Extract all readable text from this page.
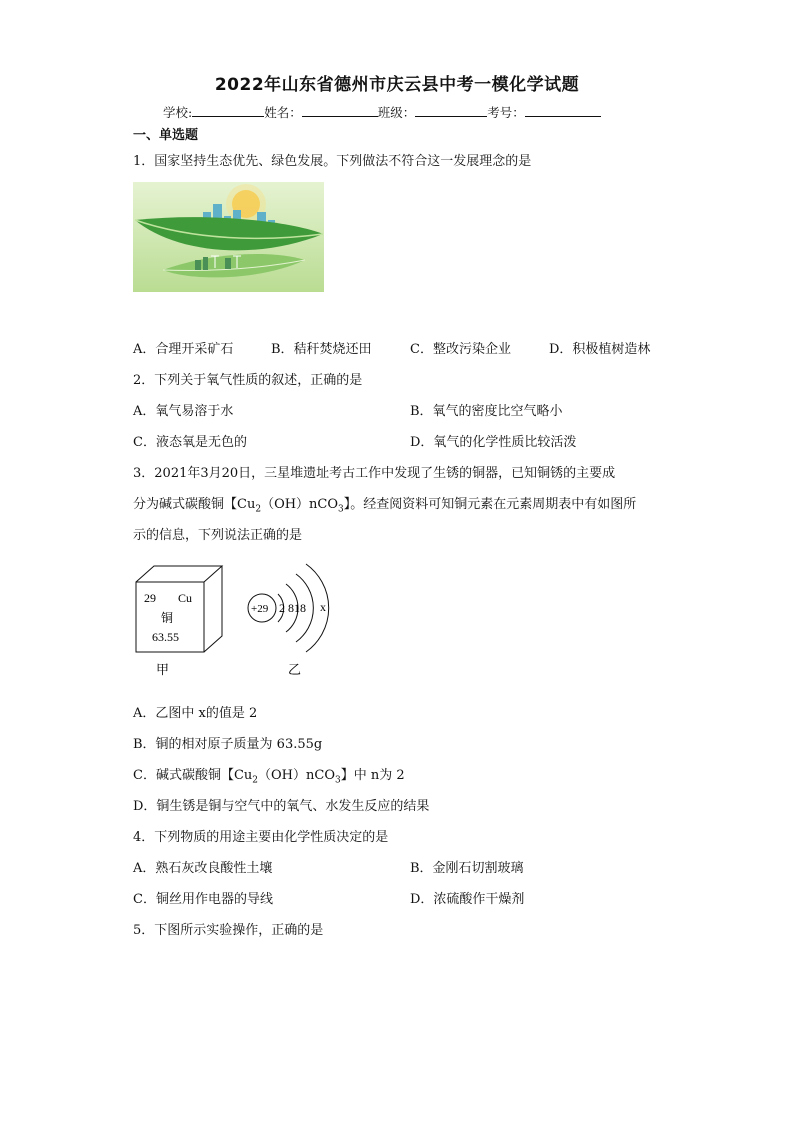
2022年山东省德州市庆云县中考一模化学试题
学校:	姓名：	班级：	考号：
一、单选题
1．国家坚持生态优先、绿色发展。下列做法不符合这一发展理念的是
A．合理开采矿石	B．秸秆焚烧还田	C．整改污染企业	D．积极植树造林
2．下列关于氧气性质的叙述，正确的是
A．氧气易溶于水	B．氧气的密度比空气略小
C．液态氧是无色的	D．氧气的化学性质比较活泼
3．2021年3月20日，三星堆遗址考古工作中发现了生锈的铜器，已知铜锈的主要成
分为碱式碳酸铜【$Cu_2(OH)nCO_3$】。经查阅资料可知铜元素在元素周期表中有如图所
示的信息，下列说法正确的是
29 Cu
铜
63.55
甲
+29 2 818 x
乙
A．乙图中 x的值是 2
B．铜的相对原子质量为 63.55g
C．碱式碳酸铜【$Cu_2(OH)nCO_3$】中 n为 2
D．铜生锈是铜与空气中的氧气、水发生反应的结果
4．下列物质的用途主要由化学性质决定的是
A．熟石灰改良酸性土壤	B．金刚石切割玻璃
C．铜丝用作电器的导线	D．浓硫酸作干燥剂
5．下图所示实验操作，正确的是
